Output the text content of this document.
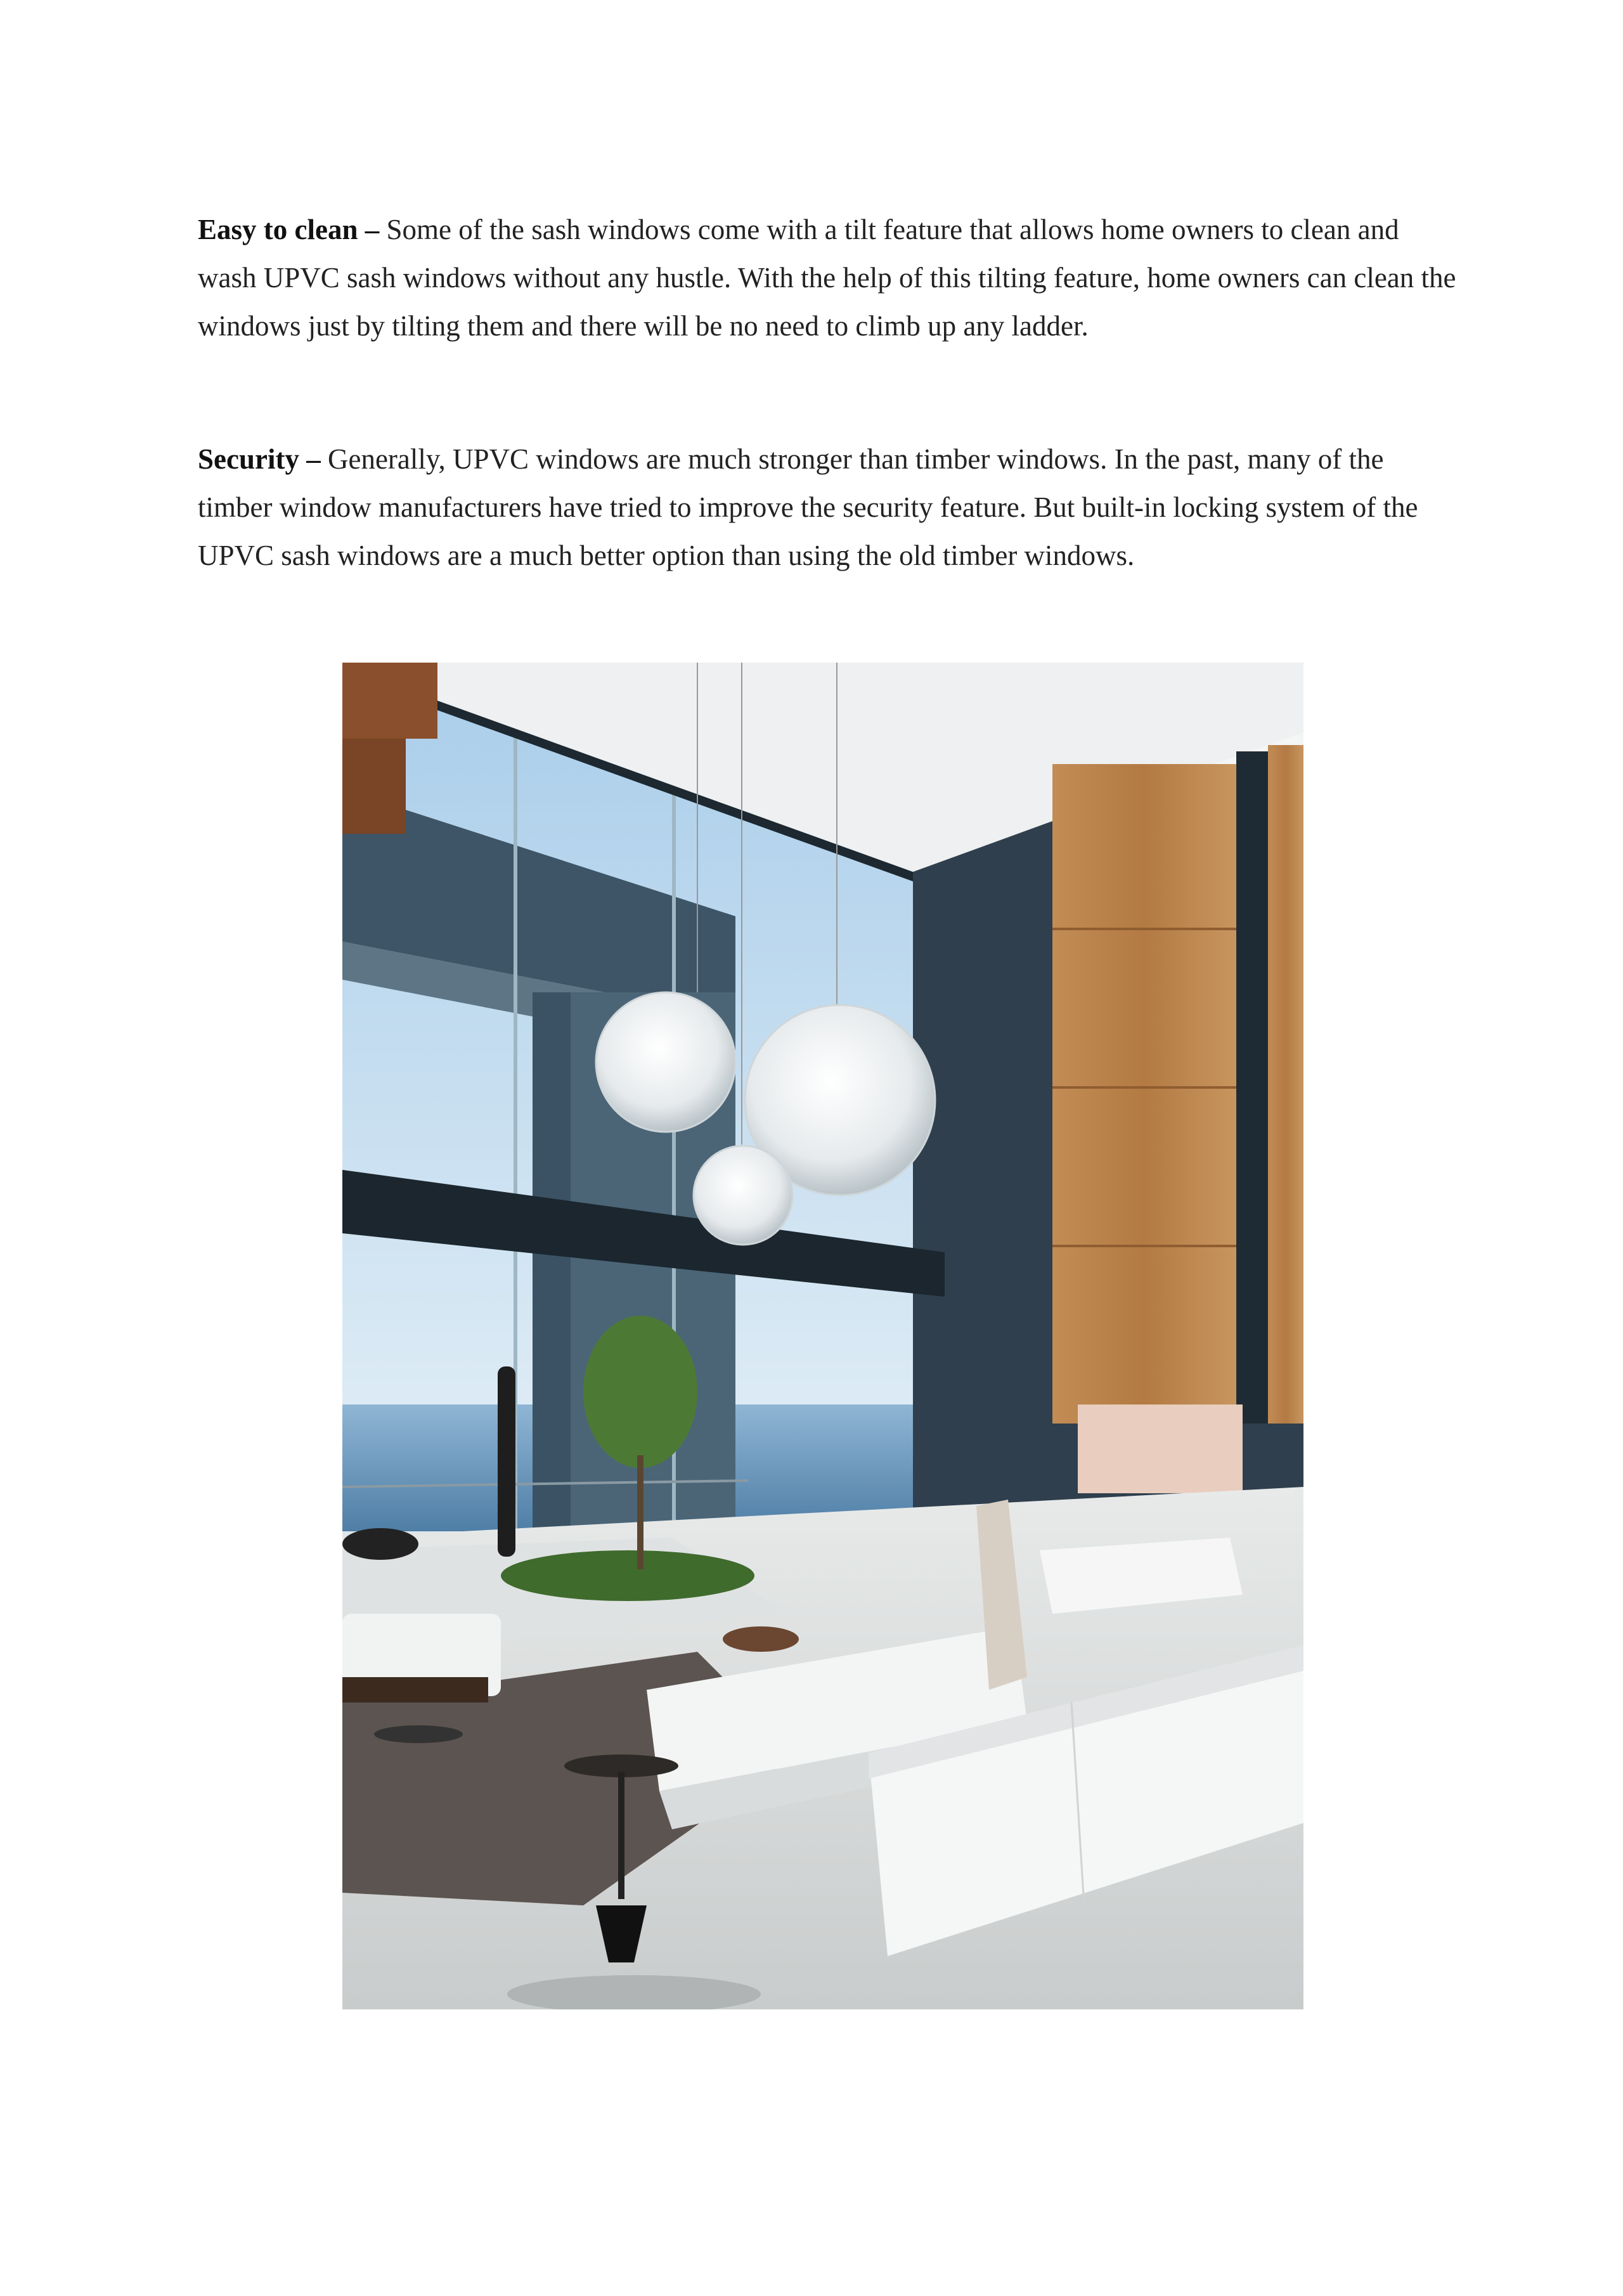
Easy to clean – Some of the sash windows come with a tilt feature that allows home owners to clean and wash UPVC sash windows without any hustle. With the help of this tilting feature, home owners can clean the windows just by tilting them and there will be no need to climb up any ladder.

Security – Generally, UPVC windows are much stronger than timber windows. In the past, many of the timber window manufacturers have tried to improve the security feature. But built-in locking system of the UPVC sash windows are a much better option than using the old timber windows.
